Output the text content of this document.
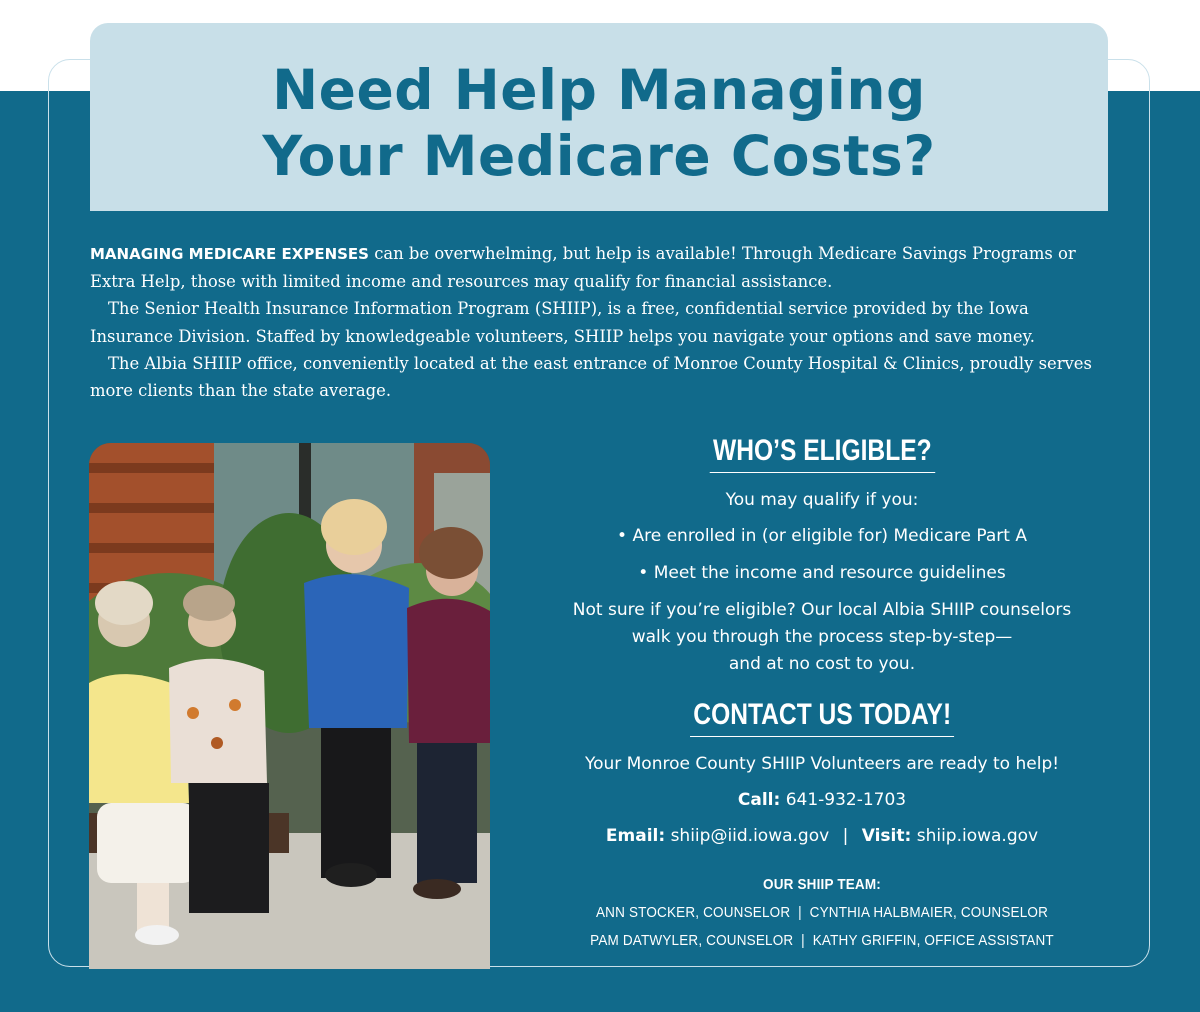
Need Help Managing
Your Medicare Costs?

MANAGING MEDICARE EXPENSES can be overwhelming, but help is available! Through Medicare Savings Programs or Extra Help, those with limited income and resources may qualify for financial assistance.

The Senior Health Insurance Information Program (SHIIP), is a free, confidential service provided by the Iowa Insurance Division. Staffed by knowledgeable volunteers, SHIIP helps you navigate your options and save money.

The Albia SHIIP office, conveniently located at the east entrance of Monroe County Hospital & Clinics, proudly serves more clients than the state average.

WHO’S ELIGIBLE?
You may qualify if you:
• Are enrolled in (or eligible for) Medicare Part A
• Meet the income and resource guidelines
Not sure if you’re eligible? Our local Albia SHIIP counselors
walk you through the process step-by-step—
and at no cost to you.
CONTACT US TODAY!
Your Monroe County SHIIP Volunteers are ready to help!
Call: 641-932-1703
Email: shiip@iid.iowa.gov | Visit: shiip.iowa.gov
OUR SHIIP TEAM: ANN STOCKER, COUNSELOR  |  CYNTHIA HALBMAIER, COUNSELOR
PAM DATWYLER, COUNSELOR  |  KATHY GRIFFIN, OFFICE ASSISTANT
